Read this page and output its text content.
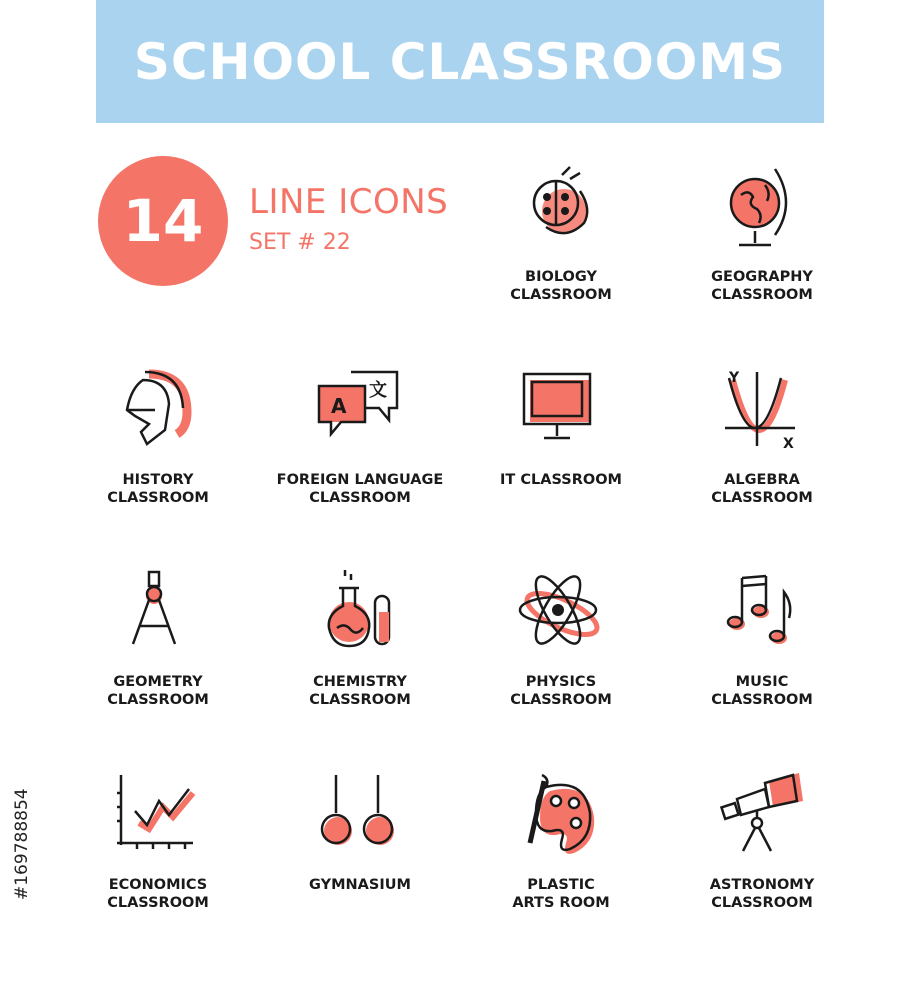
SCHOOL CLASSROOMS
14 LINE ICONS
SET # 22
BIOLOGY
CLASSROOM
GEOGRAPHY
CLASSROOM
HISTORY
CLASSROOM
A
文
FOREIGN LANGUAGE
CLASSROOM
IT CLASSROOM
Y
X
ALGEBRA
CLASSROOM
GEOMETRY
CLASSROOM
CHEMISTRY
CLASSROOM
PHYSICS
CLASSROOM
MUSIC
CLASSROOM
ECONOMICS
CLASSROOM
GYMNASIUM	PLASTIC
ARTS ROOM
ASTRONOMY
CLASSROOM
#169788854
